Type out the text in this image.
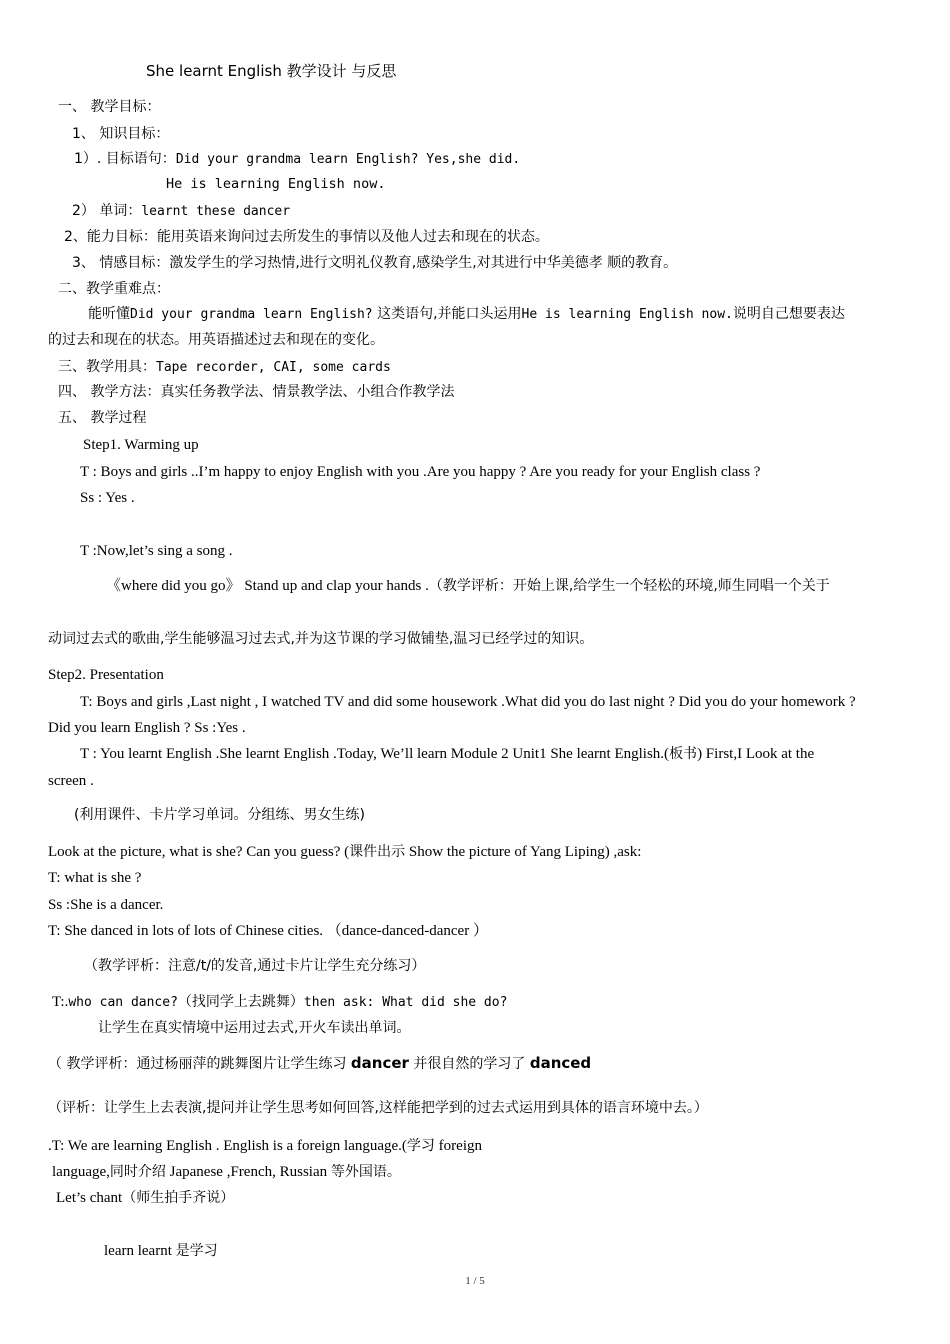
She learnt English 教学设计 与反思
一、 教学目标：
1、 知识目标：
1）. 目标语句：Did your grandma learn English? Yes,she did.
He is learning English now.
2） 单词：learnt these dancer
2、能力目标：能用英语来询问过去所发生的事情以及他人过去和现在的状态。
3、 情感目标：激发学生的学习热情,进行文明礼仪教育,感染学生,对其进行中华美德孝 顺的教育。
二、教学重难点：
能听懂Did your grandma learn English? 这类语句,并能口头运用He is learning English now.说明自己想要表达
的过去和现在的状态。用英语描述过去和现在的变化。
三、教学用具：Tape recorder, CAI, some cards
四、 教学方法：真实任务教学法、情景教学法、小组合作教学法
五、 教学过程
Step1. Warming up
T : Boys and girls ..I’m happy to enjoy English with you .Are you happy ? Are you ready for your English class ?
Ss : Yes .
T :Now,let’s sing a song .
《where did you go》 Stand up and clap your hands .（教学评析：开始上课,给学生一个轻松的环境,师生同唱一个关于
动词过去式的歌曲,学生能够温习过去式,并为这节课的学习做铺垫,温习已经学过的知识。
Step2. Presentation
T: Boys and girls ,Last night , I watched TV and did some housework .What did you do last night ? Did you do your homework ?
Did you learn English ? Ss :Yes .
T : You learnt English .She learnt English .Today, We’ll learn Module 2 Unit1 She learnt English.(板书) First,I Look at the
screen .
(利用课件、卡片学习单词。分组练、男女生练)
Look at the picture, what is she? Can you guess? (课件出示 Show the picture of Yang Liping) ,ask:
T: what is she ?
Ss :She is a dancer.
T: She danced in lots of lots of Chinese cities. （dance-danced-dancer ）
（教学评析：注意/t/的发音,通过卡片让学生充分练习）
T:.who can dance?（找同学上去跳舞）then ask: What did she do?
让学生在真实情境中运用过去式,开火车读出单词。
（ 教学评析：通过杨丽萍的跳舞图片让学生练习 dancer 并很自然的学习了 danced
（评析：让学生上去表演,提问并让学生思考如何回答,这样能把学到的过去式运用到具体的语言环境中去。）
.T: We are learning English . English is a foreign language.(学习 foreign
language,同时介绍 Japanese ,French, Russian 等外国语。
Let’s chant（师生拍手齐说）
learn learnt 是学习
1 / 5
